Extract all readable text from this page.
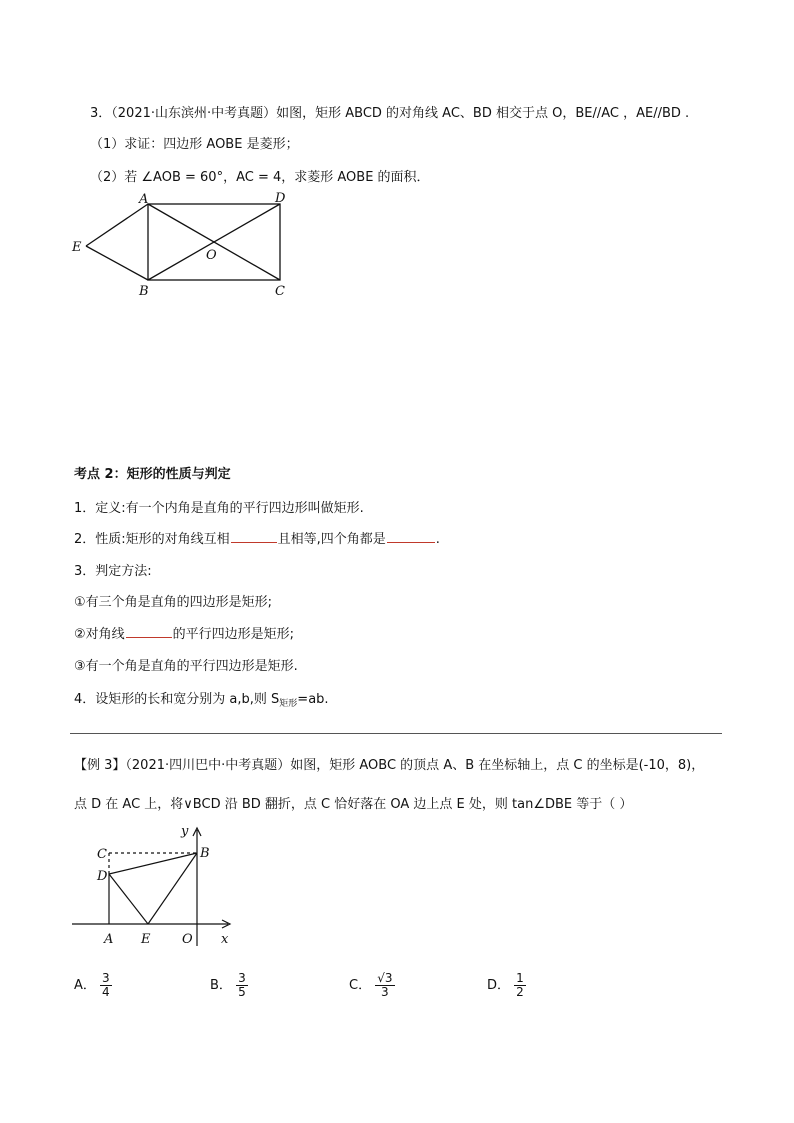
3．（2021·山东滨州·中考真题）如图，矩形 ABCD 的对角线 AC、BD 相交于点 O，BE//AC ，AE//BD .
（1）求证：四边形 AOBE 是菱形；
（2）若 ∠AOB = 60°，AC = 4，求菱形 AOBE 的面积．
A	D
E
O
B	C
考点 2：矩形的性质与判定
1．定义:有一个内角是直角的平行四边形叫做矩形.
2．性质:矩形的对角线互相	且相等,四个角都是	.
3．判定方法:
①有三个角是直角的四边形是矩形;
②对角线	的平行四边形是矩形;
③有一个角是直角的平行四边形是矩形.
4．设矩形的长和宽分别为 a,b,则 $S_{矩形}=ab$.
【例 3】（2021·四川巴中·中考真题）如图，矩形 AOBC 的顶点 A、B 在坐标轴上，点 C 的坐标是(-10，8)，
点 D 在 AC 上，将∨BCD 沿 BD 翻折，点 C 恰好落在 OA 边上点 E 处，则 tan∠DBE 等于（ ）
y
x
C	B
D
A E O
A． $\frac{3}{4}$	B． $\frac{3}{5}$	C． $\frac{√3}{3}$	D． $\frac{1}{2}$
